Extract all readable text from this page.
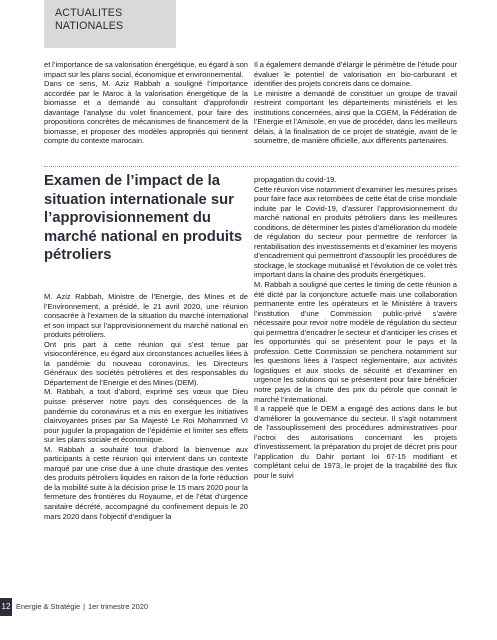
ACTUALITES NATIONALES

et l’importance de sa valorisation énergétique, eu égard à son impact sur les plans social, économique et environnemental.

Dans ce sens, M. Aziz Rabbah a souligné l’importance accordée par le Maroc à la valorisation énergétique de la biomasse et a demandé au consultant d’approfondir davantage l’analyse du volet financement, pour faire des propositions concrètes de mécanismes de financement de la biomasse, et proposer des modèles appropriés qui tiennent compte du contexte marocain.

Il a également demandé d’élargir le périmètre de l’étude pour évaluer le potentiel de valorisation en bio-carburant et identifier des projets concrets dans ce domaine.

Le ministre a demandé de constituer un groupe de travail restreint comportant les départements ministériels et les institutions concernées, ainsi que la CGEM, la Fédération de l’Energie et l’Amisole, en vue de procéder, dans les meilleurs délais, à la finalisation de ce projet de stratégie, avant de le soumettre, de manière officielle, aux différents partenaires.

Examen de l’impact de la situation internationale sur l’approvisionnement du marché national en produits pétroliers

M. Aziz Rabbah, Ministre de l’Energie, des Mines et de l’Environnement, a présidé, le 21 avril 2020, une réunion consacrée à l’examen de la situation du marché international et son impact sur l’approvisionnement du marché national en produits pétroliers.

Ont pris part à cette réunion qui s’est tenue par visioconférence, eu égard aux circonstances actuelles liées à la pandémie du nouveau coronavirus, les Directeurs Généraux des sociétés pétrolières et des responsables du Département de l’Energie et des Mines (DEM).

M. Rabbah, a tout d’abord, exprimé ses vœux que Dieu puisse préserver notre pays des conséquences de la pandémie du coronavirus et a mis en exergue les initiatives clairvoyantes prises par Sa Majesté Le Roi Mohammed VI pour juguler la propagation de l’épidémie et limiter ses effets sur les plans sociale et économique.

M. Rabbah a souhaité tout d’abord la bienvenue aux participants à cette réunion qui intervient dans un contexte marqué par une crise due à une chute drastique des ventes des produits pétroliers liquides en raison de la forte réduction de la mobilité suite à la décision prise le 15 mars 2020 pour la fermeture des frontières du Royaume, et de l’état d’urgence sanitaire décrété, accompagné du confinement depuis le 20 mars 2020 dans l’objectif d’endiguer la

propagation du covid-19.

Cette réunion vise notamment d’examiner les mesures prises pour faire face aux retombées de cette état de crise mondiale induite par le Covid-19, d’assurer l’approvisionnement du marché national en produits pétroliers dans les meilleures conditions, de déterminer les pistes d’amélioration du modèle de régulation du secteur pour permettre de renforcer la rentabilisation des investissements et d’examiner les moyens d’encadrement qui permettront d’assouplir les procédures de stockage, le stockage mutualisé et l’évolution de ce volet très important dans la chaine des produits énergétiques.

M. Rabbah a souligné que certes le timing de cette réunion a été dicté par la conjoncture actuelle mais une collaboration permanente entre les opérateurs et le Ministère à travers l’institution d’une Commission public-privé s’avère nécessaire pour revoir notre modèle de régulation du secteur qui permettra d’encadrer le secteur et d’anticiper les crises et les opportunités qui se présentent pour le pays et la profession. Cette Commission se penchera notamment sur les questions liées à l’aspect réglementaire, aux activités logistiques et aux stocks de sécurité et d’examiner en urgence les solutions qui se présentent pour faire bénéficier notre pays de la chute des prix du pétrole que connait le marché l’international.

Il a rappelé que le DEM a engagé des actions dans le but d’améliorer la gouvernance du secteur. Il s’agit notamment de l’assouplissement des procédures administratives pour l’octroi des autorisations concernant les projets d’investissement, la préparation du projet de décret pris pour l’application du Dahir portant loi 67-15 modifiant et complétant celui de 1973, le projet de la traçabilité des flux pour le suivi

12 Energie & Stratégie | 1er trimestre 2020
